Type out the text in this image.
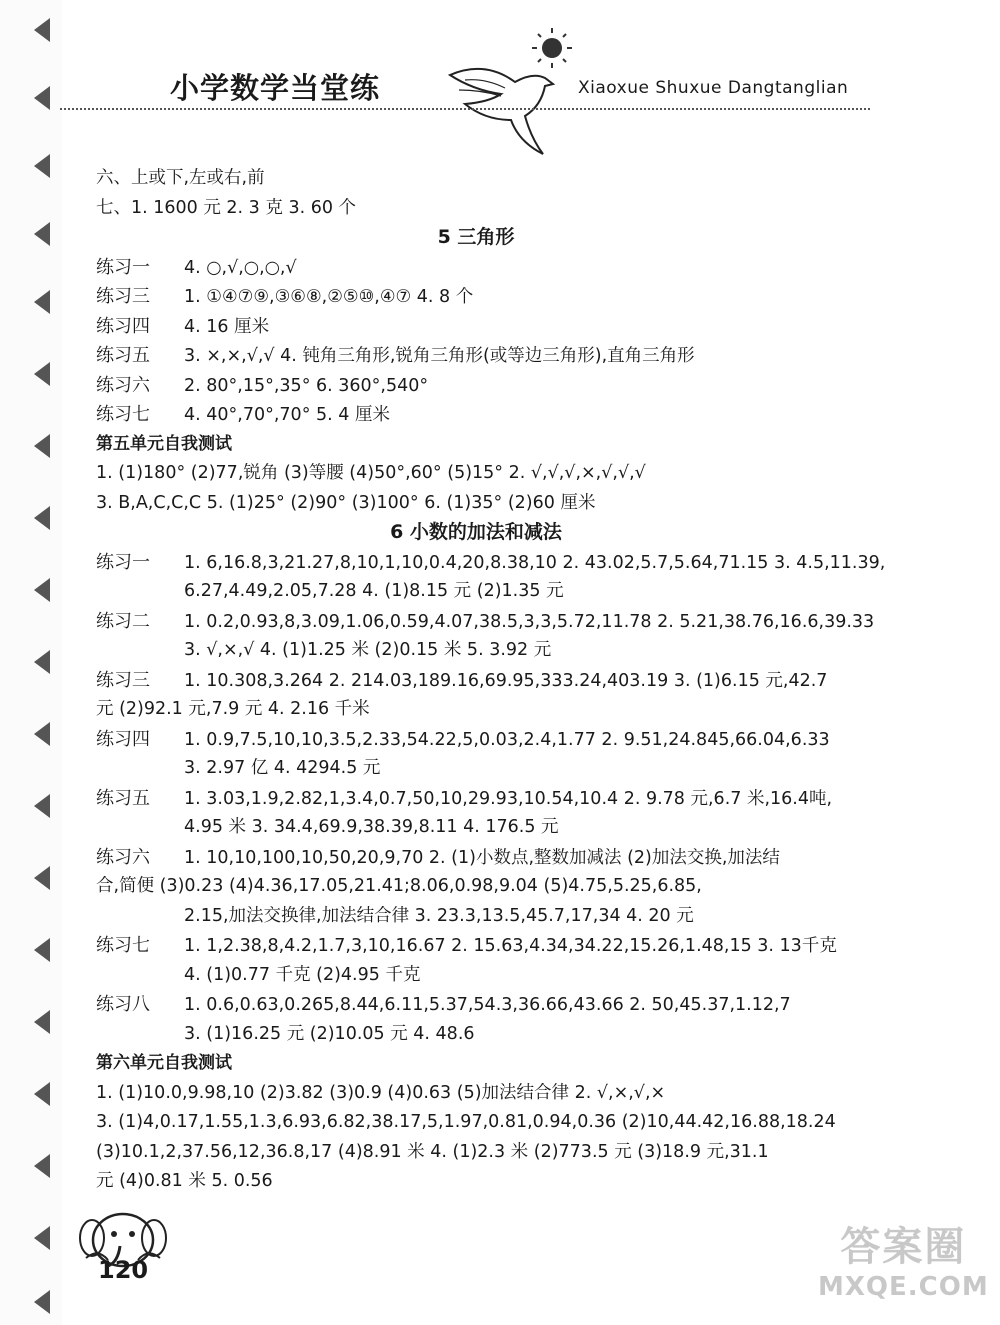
小学数学当堂练	Xiaoxue Shuxue Dangtanglian
六、上或下,左或右,前
七、1. 1600 元 2. 3 克 3. 60 个
5 三角形
练习一 4. ○,√,○,○,√
练习三 1. ①④⑦⑨,③⑥⑧,②⑤⑩,④⑦ 4. 8 个
练习四 4. 16 厘米
练习五 3. ×,×,√,√ 4. 钝角三角形,锐角三角形(或等边三角形),直角三角形
练习六 2. 80°,15°,35° 6. 360°,540°
练习七 4. 40°,70°,70° 5. 4 厘米
第五单元自我测试
1. (1)180° (2)77,锐角 (3)等腰 (4)50°,60° (5)15° 2. √,√,√,×,√,√,√
3. B,A,C,C,C 5. (1)25° (2)90° (3)100° 6. (1)35° (2)60 厘米
6 小数的加法和减法
练习一 1. 6,16.8,3,21.27,8,10,1,10,0.4,20,8.38,10 2. 43.02,5.7,5.64,71.15 3. 4.5,11.39,
6.27,4.49,2.05,7.28 4. (1)8.15 元 (2)1.35 元
练习二 1. 0.2,0.93,8,3.09,1.06,0.59,4.07,38.5,3,3,5.72,11.78 2. 5.21,38.76,16.6,39.33
3. √,×,√ 4. (1)1.25 米 (2)0.15 米 5. 3.92 元
练习三 1. 10.308,3.264 2. 214.03,189.16,69.95,333.24,403.19 3. (1)6.15 元,42.7
元 (2)92.1 元,7.9 元 4. 2.16 千米
练习四 1. 0.9,7.5,10,10,3.5,2.33,54.22,5,0.03,2.4,1.77 2. 9.51,24.845,66.04,6.33
3. 2.97 亿 4. 4294.5 元
练习五 1. 3.03,1.9,2.82,1,3.4,0.7,50,10,29.93,10.54,10.4 2. 9.78 元,6.7 米,16.4吨,
4.95 米 3. 34.4,69.9,38.39,8.11 4. 176.5 元
练习六 1. 10,10,100,10,50,20,9,70 2. (1)小数点,整数加减法 (2)加法交换,加法结
合,简便 (3)0.23 (4)4.36,17.05,21.41;8.06,0.98,9.04 (5)4.75,5.25,6.85,
2.15,加法交换律,加法结合律 3. 23.3,13.5,45.7,17,34 4. 20 元
练习七 1. 1,2.38,8,4.2,1.7,3,10,16.67 2. 15.63,4.34,34.22,15.26,1.48,15 3. 13千克
4. (1)0.77 千克 (2)4.95 千克
练习八 1. 0.6,0.63,0.265,8.44,6.11,5.37,54.3,36.66,43.66 2. 50,45.37,1.12,7
3. (1)16.25 元 (2)10.05 元 4. 48.6
第六单元自我测试
1. (1)10.0,9.98,10 (2)3.82 (3)0.9 (4)0.63 (5)加法结合律 2. √,×,√,×
3. (1)4,0.17,1.55,1.3,6.93,6.82,38.17,5,1.97,0.81,0.94,0.36 (2)10,44.42,16.88,18.24
(3)10.1,2,37.56,12,36.8,17 (4)8.91 米 4. (1)2.3 米 (2)773.5 元 (3)18.9 元,31.1
元 (4)0.81 米 5. 0.56
120	答案圈
MXQE.COM
